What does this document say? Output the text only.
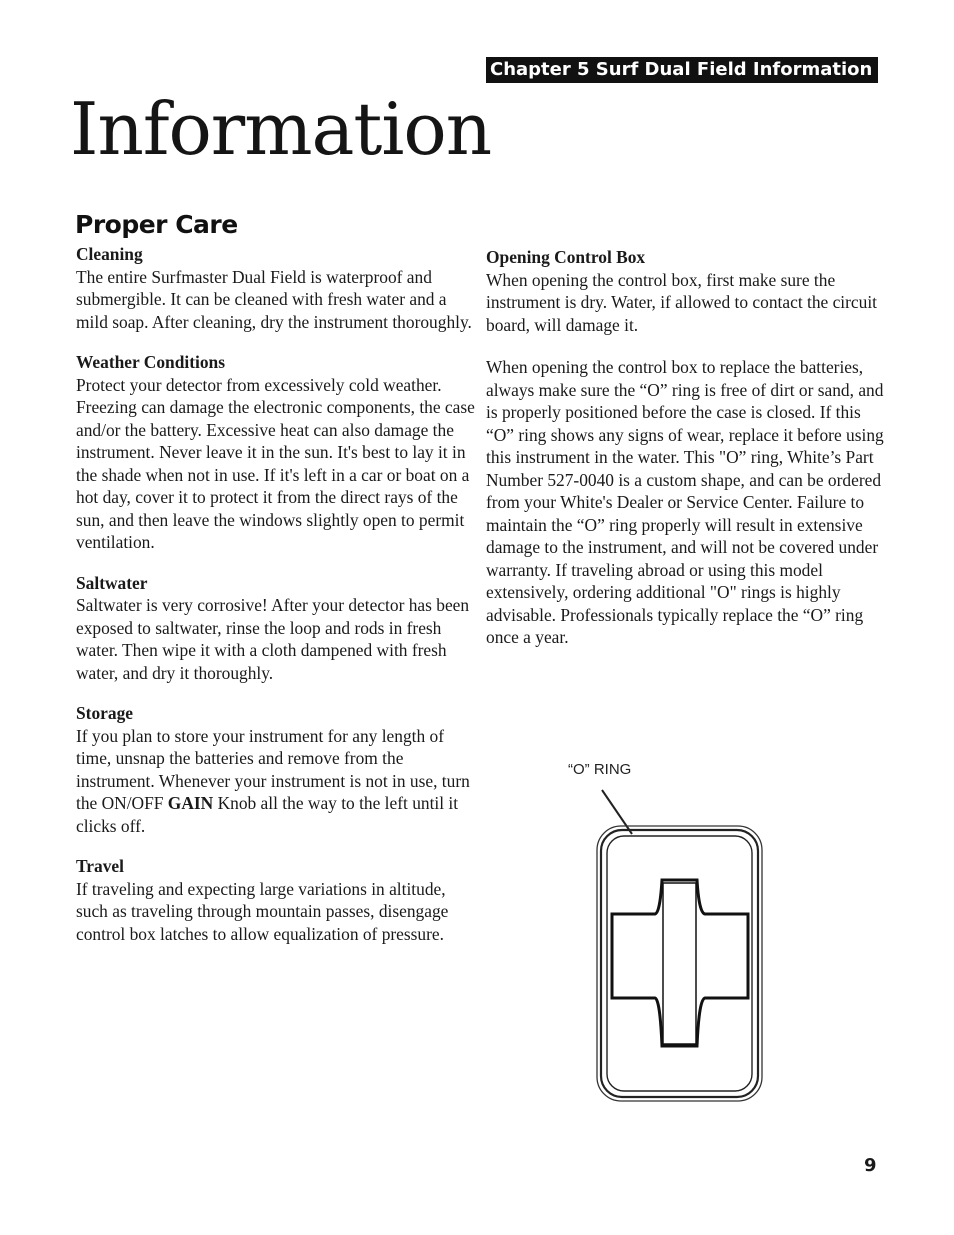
Chapter 5 Surf Dual Field Information
Information
Proper Care

Cleaning

The entire Surfmaster Dual Field is waterproof and submergible. It can be cleaned with fresh water and a mild soap. After cleaning, dry the instrument thoroughly.

Weather Conditions

Protect your detector from excessively cold weather. Freezing can damage the electronic components, the case and/or the battery. Excessive heat can also damage the instrument. Never leave it in the sun. It's best to lay it in the shade when not in use. If it's left in a car or boat on a hot day, cover it to protect it from the direct rays of the sun, and then leave the windows slightly open to permit ventilation.

Saltwater

Saltwater is very corrosive! After your detector has been exposed to saltwater, rinse the loop and rods in fresh water. Then wipe it with a cloth dampened with fresh water, and dry it thoroughly.

Storage

If you plan to store your instrument for any length of time, unsnap the batteries and remove from the instrument. Whenever your instrument is not in use, turn the ON/OFF GAIN Knob all the way to the left until it clicks off.

Travel

If traveling and expecting large variations in altitude, such as traveling through mountain passes, disengage control box latches to allow equalization of pressure.

Opening Control Box

When opening the control box, first make sure the instrument is dry. Water, if allowed to contact the circuit board, will damage it.

When opening the control box to replace the batteries, always make sure the “O” ring is free of dirt or sand, and is properly positioned before the case is closed. If this “O” ring shows any signs of wear, replace it before using this instrument in the water. This "O” ring, White’s Part Number 527-0040 is a custom shape, and can be ordered from your White's Dealer or Service Center. Failure to maintain the “O” ring properly will result in extensive damage to the instrument, and will not be covered under warranty. If traveling abroad or using this model extensively, ordering additional "O" rings is highly advisable. Professionals typically replace the “O” ring once a year.

“O” RING
9
